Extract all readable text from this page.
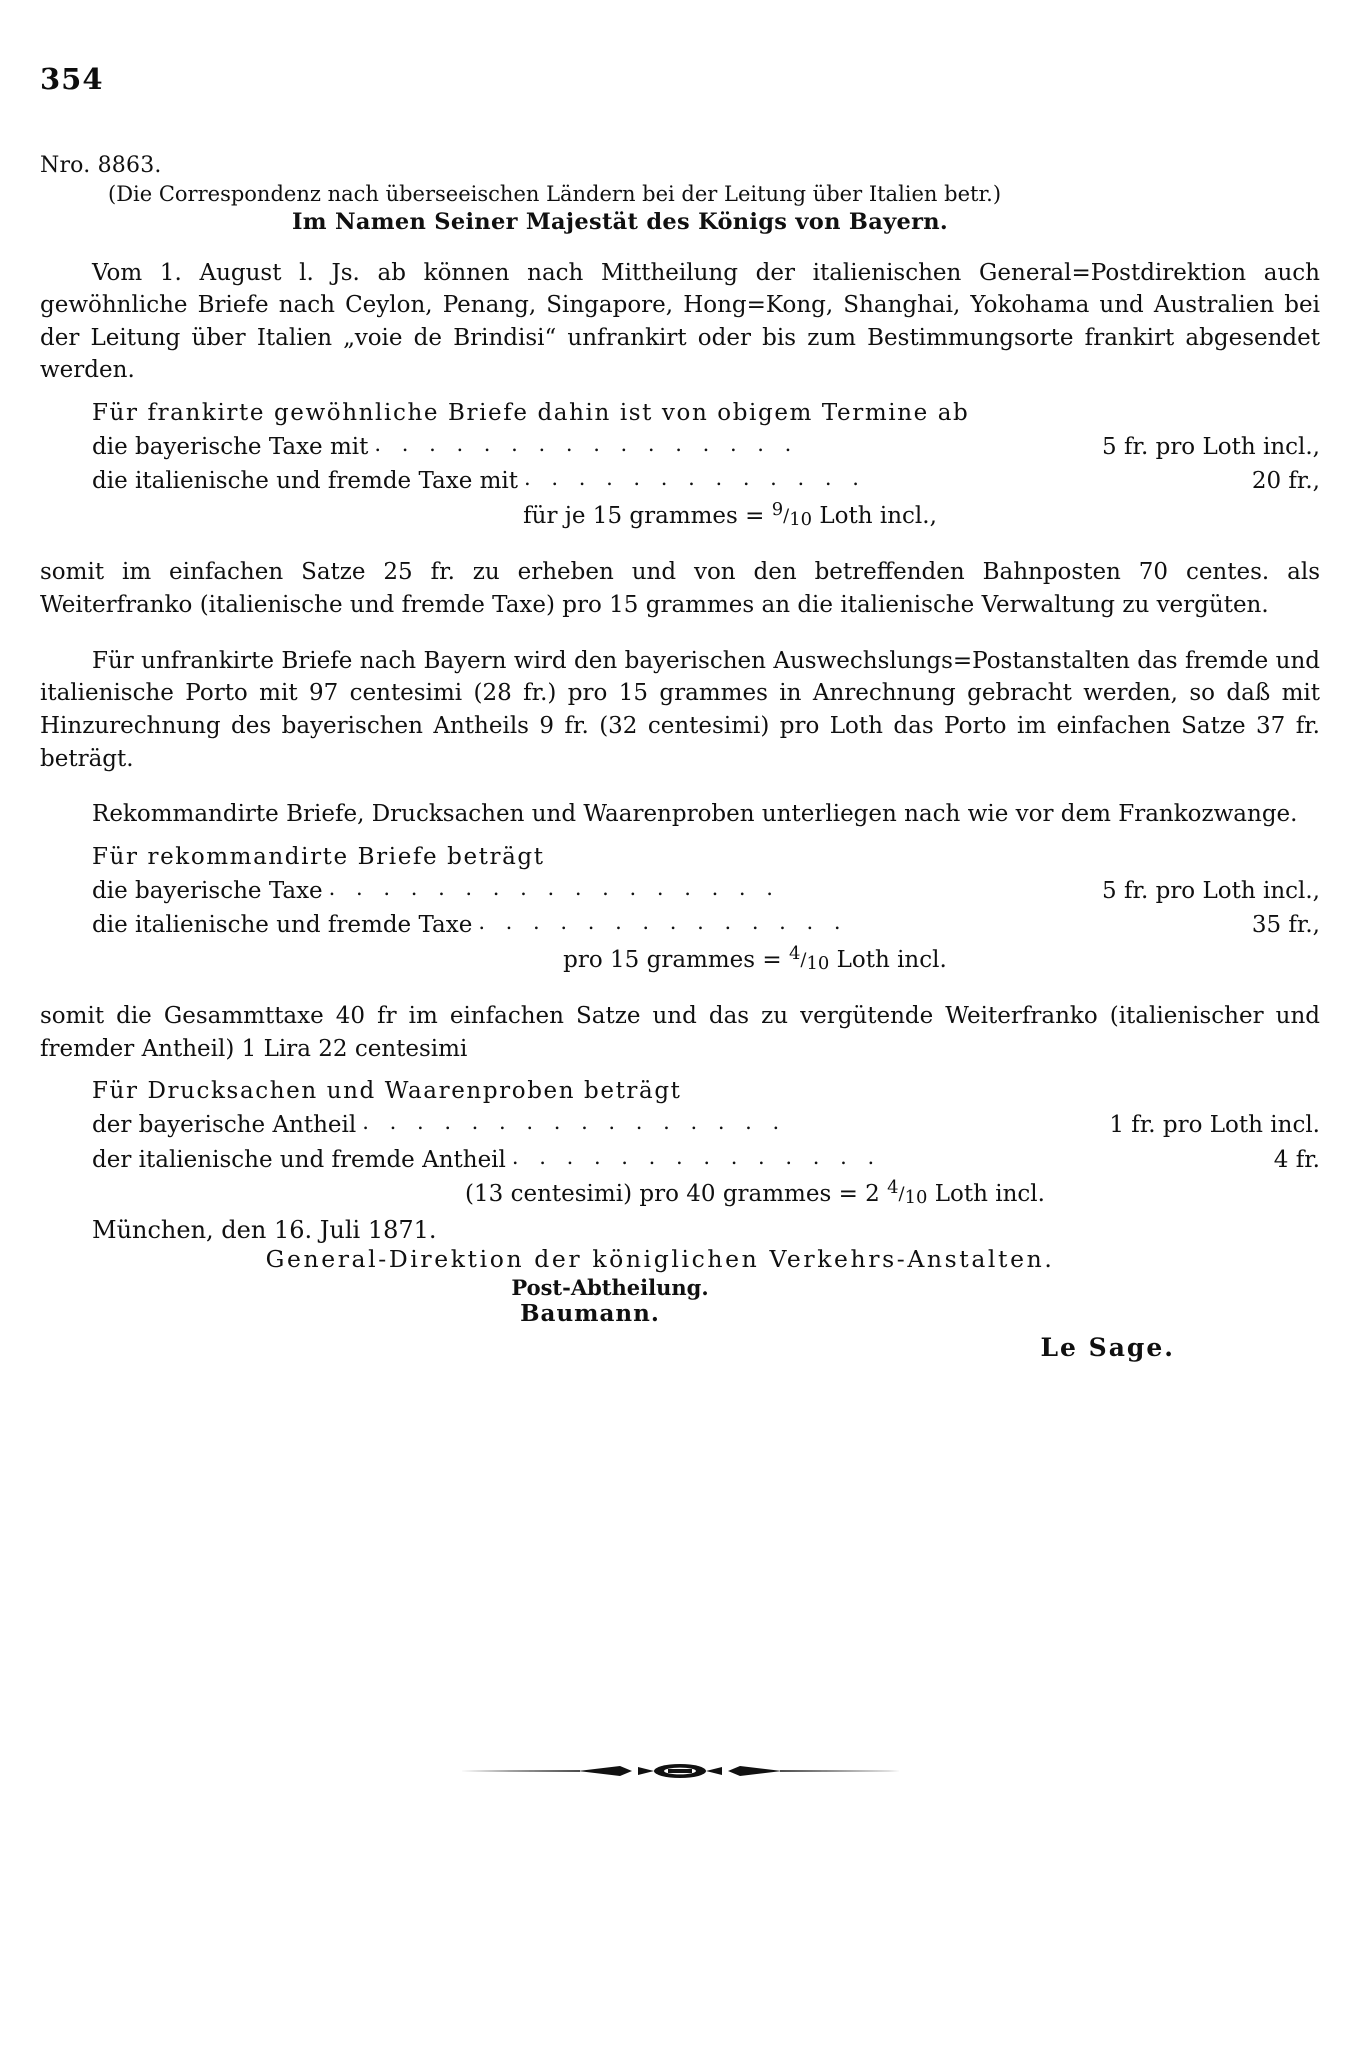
354
Nro. 8863.
(Die Correspondenz nach überseeischen Ländern bei der Leitung über Italien betr.)
Im Namen Seiner Majestät des Königs von Bayern.

Vom 1. August l. Js. ab können nach Mittheilung der italienischen General=Postdirektion auch gewöhnliche Briefe nach Ceylon, Penang, Singapore, Hong=Kong, Shanghai, Yokohama und Australien bei der Leitung über Italien „voie de Brindisi“ unfrankirt oder bis zum Bestimmungsorte frankirt abgesendet werden.

Für frankirte gewöhnliche Briefe dahin ist von obigem Termine ab
die bayerische Taxe mit . . . . . . . . . . . . . . . .	5 fr. pro Loth incl.,
die italienische und fremde Taxe mit . . . . . . . . . . . . .	20 fr.,
für je 15 grammes = $^9/_{10}$ Loth incl.,

somit im einfachen Satze 25 fr. zu erheben und von den betreffenden Bahnposten 70 centes. als Weiterfranko (italienische und fremde Taxe) pro 15 grammes an die italienische Verwaltung zu vergüten.

Für unfrankirte Briefe nach Bayern wird den bayerischen Auswechslungs=Postanstalten das fremde und italienische Porto mit 97 centesimi (28 fr.) pro 15 grammes in Anrechnung gebracht werden, so daß mit Hinzurechnung des bayerischen Antheils 9 fr. (32 centesimi) pro Loth das Porto im einfachen Satze 37 fr. beträgt.

Rekommandirte Briefe, Drucksachen und Waarenproben unterliegen nach wie vor dem Frankozwange.

Für rekommandirte Briefe beträgt
die bayerische Taxe . . . . . . . . . . . . . . . . .	5 fr. pro Loth incl.,
die italienische und fremde Taxe . . . . . . . . . . . . . .	35 fr.,
pro 15 grammes = $^4/_{10}$ Loth incl.

somit die Gesammttaxe 40 fr im einfachen Satze und das zu vergütende Weiterfranko (italienischer und fremder Antheil) 1 Lira 22 centesimi

Für Drucksachen und Waarenproben beträgt
der bayerische Antheil . . . . . . . . . . . . . . . .	1 fr. pro Loth incl.
der italienische und fremde Antheil . . . . . . . . . . . . . .	4 fr.
(13 centesimi) pro 40 grammes = 2 $^4/_{10}$ Loth incl.
München, den 16. Juli 1871.
General-Direktion der königlichen Verkehrs-Anstalten.
Post-Abtheilung.
Baumann.
Le Sage.
